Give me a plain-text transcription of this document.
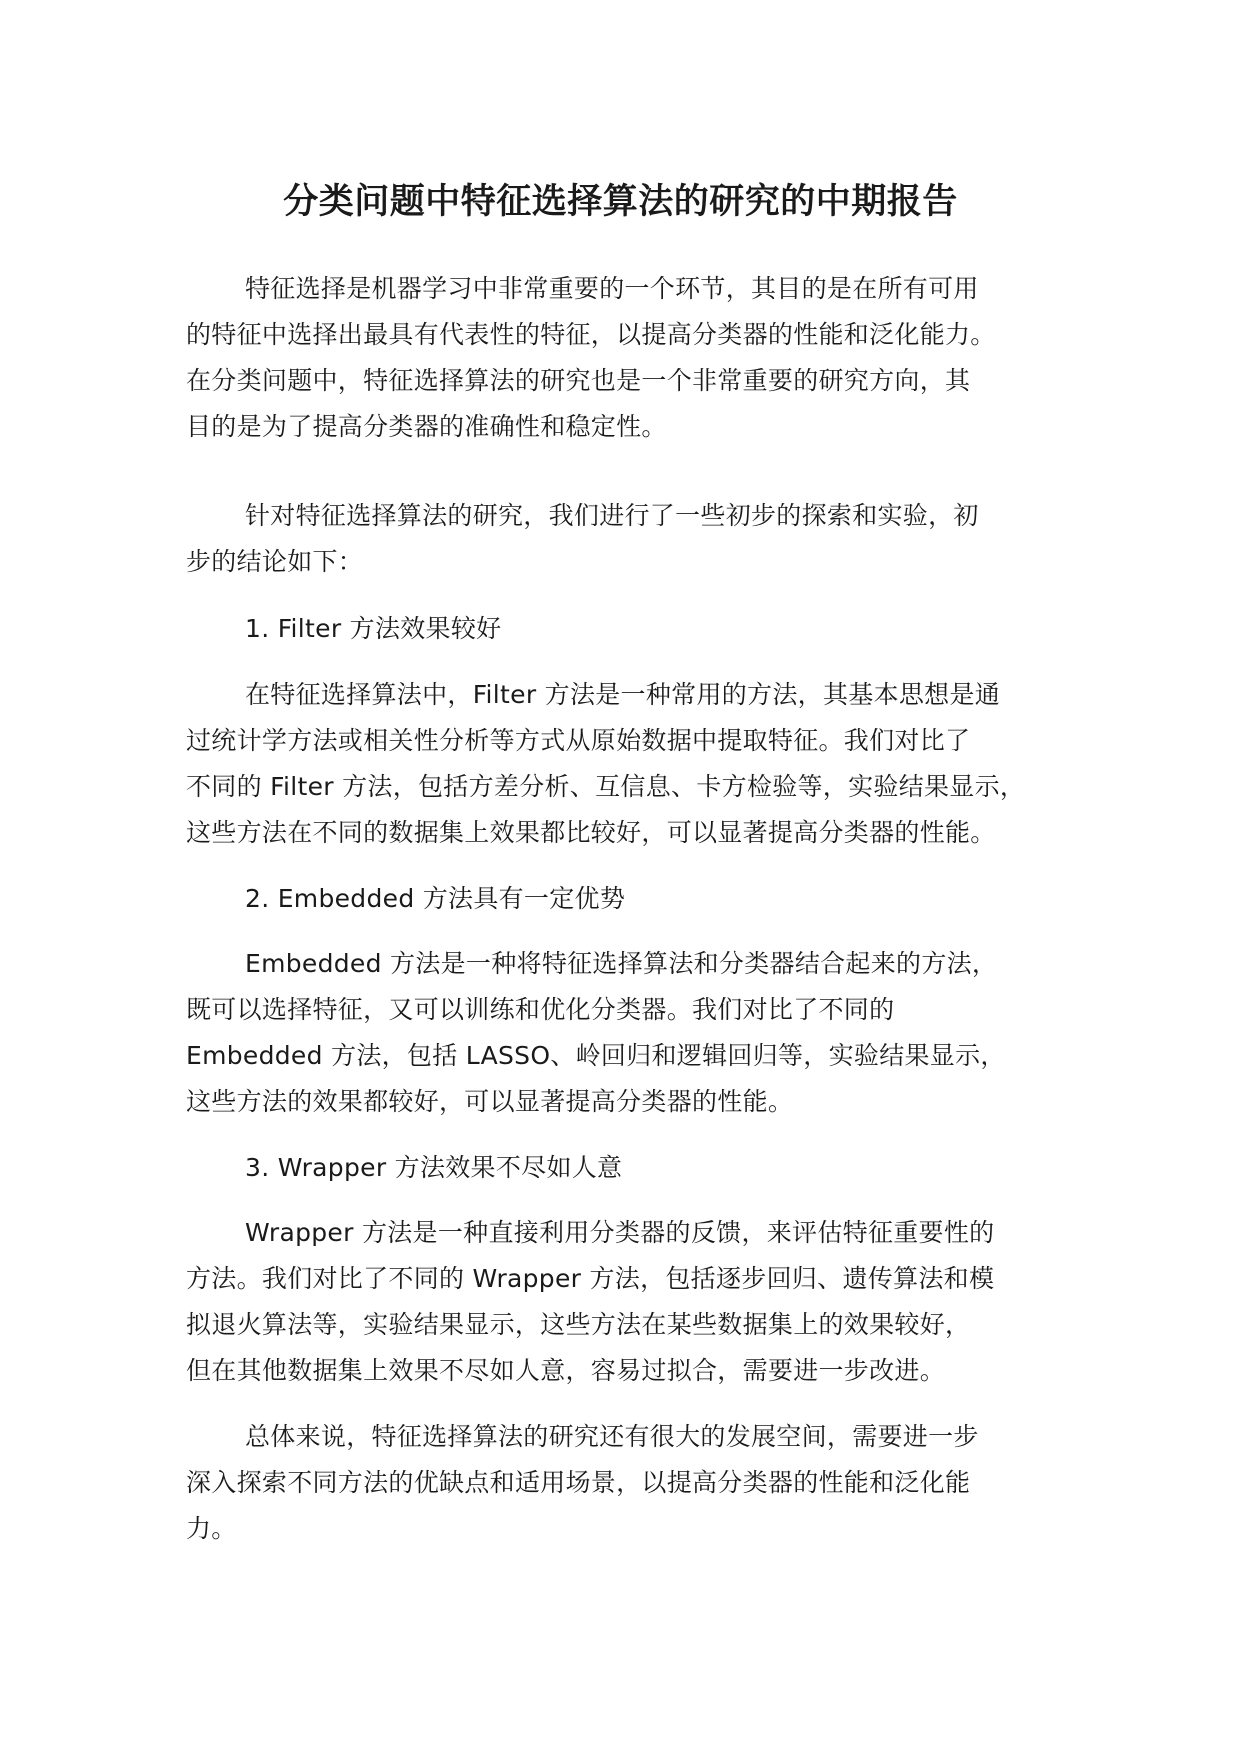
分类问题中特征选择算法的研究的中期报告
特征选择是机器学习中非常重要的一个环节，其目的是在所有可用
的特征中选择出最具有代表性的特征，以提高分类器的性能和泛化能力。
在分类问题中，特征选择算法的研究也是一个非常重要的研究方向，其
目的是为了提高分类器的准确性和稳定性。
针对特征选择算法的研究，我们进行了一些初步的探索和实验，初
步的结论如下：
1. Filter 方法效果较好
在特征选择算法中，Filter 方法是一种常用的方法，其基本思想是通
过统计学方法或相关性分析等方式从原始数据中提取特征。我们对比了
不同的 Filter 方法，包括方差分析、互信息、卡方检验等，实验结果显示，
这些方法在不同的数据集上效果都比较好，可以显著提高分类器的性能。
2. Embedded 方法具有一定优势
Embedded 方法是一种将特征选择算法和分类器结合起来的方法，
既可以选择特征，又可以训练和优化分类器。我们对比了不同的
Embedded 方法，包括 LASSO、岭回归和逻辑回归等，实验结果显示，
这些方法的效果都较好，可以显著提高分类器的性能。
3. Wrapper 方法效果不尽如人意
Wrapper 方法是一种直接利用分类器的反馈，来评估特征重要性的
方法。我们对比了不同的 Wrapper 方法，包括逐步回归、遗传算法和模
拟退火算法等，实验结果显示，这些方法在某些数据集上的效果较好，
但在其他数据集上效果不尽如人意，容易过拟合，需要进一步改进。
总体来说，特征选择算法的研究还有很大的发展空间，需要进一步
深入探索不同方法的优缺点和适用场景，以提高分类器的性能和泛化能
力。
